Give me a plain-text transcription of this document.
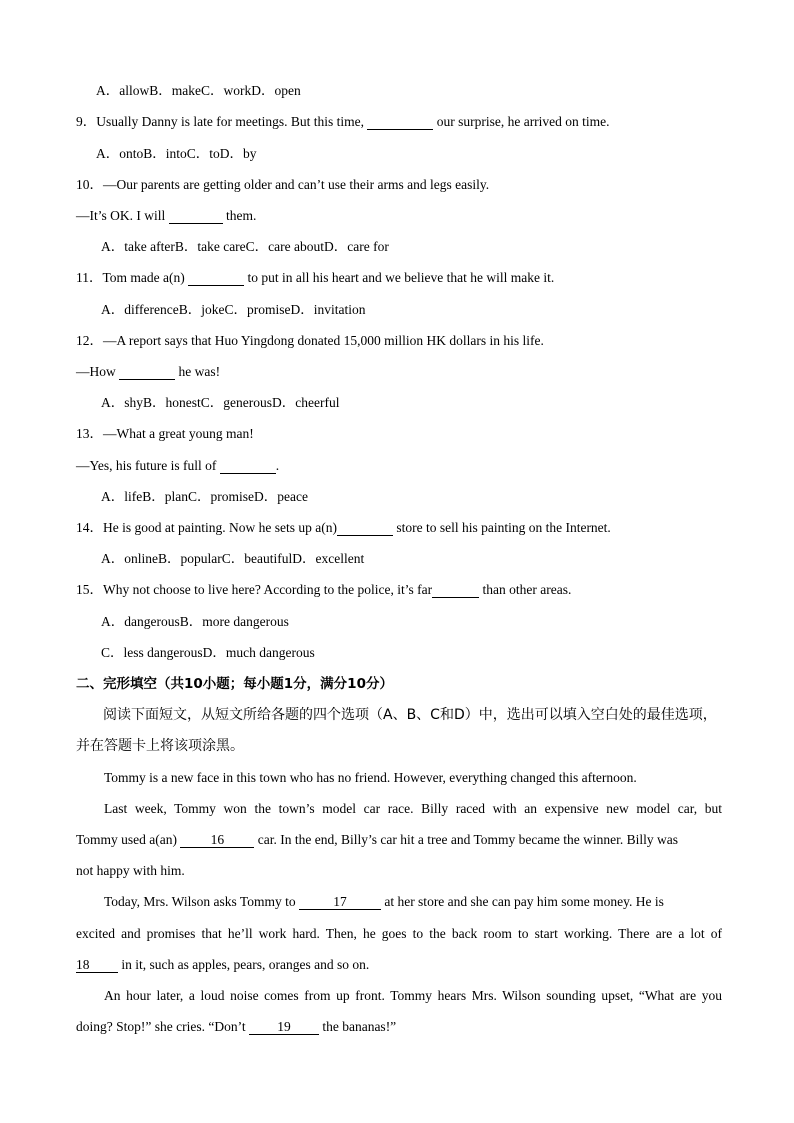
A．allowB．makeC．workD．open
9．Usually Danny is late for meetings. But this time,	our surprise, he arrived on time.
A．ontoB．intoC．toD．by
10．—Our parents are getting older and can’t use their arms and legs easily.
—It’s OK. I will	them.
A．take afterB．take careC．care aboutD．care for
11．Tom made a(n)	to put in all his heart and we believe that he will make it.
A．differenceB．jokeC．promiseD．invitation
12．—A report says that Huo Yingdong donated 15,000 million HK dollars in his life.
—How	he was!
A．shyB．honestC．generousD．cheerful
13．—What a great young man!
—Yes, his future is full of	.
A．lifeB．planC．promiseD．peace
14．He is good at painting. Now he sets up a(n)	store to sell his painting on the Internet.
A．onlineB．popularC．beautifulD．excellent
15．Why not choose to live here? According to the police, it’s far	than other areas.
A．dangerousB．more dangerous
C．less dangerousD．much dangerous
二、完形填空（共10小题；每小题1分，满分10分）
阅读下面短文，从短文所给各题的四个选项（A、B、C和D）中，选出可以填入空白处的最佳选项，
并在答题卡上将该项涂黑。
Tommy is a new face in this town who has no friend. However, everything changed this afternoon.
Last week, Tommy won the town’s model car race. Billy raced with an expensive new model car, but
Tommy used a(an) 16 car. In the end, Billy’s car hit a tree and Tommy became the winner. Billy was
not happy with him.
Today, Mrs. Wilson asks Tommy to	17	at her store and she can pay him some money. He is
excited and promises that he’ll work hard. Then, he goes to the back room to start working. There are a lot of
18 in it, such as apples, pears, oranges and so on.
An hour later, a loud noise comes from up front. Tommy hears Mrs. Wilson sounding upset, “What are you
doing? Stop!” she cries. “Don’t 19 the bananas!”
